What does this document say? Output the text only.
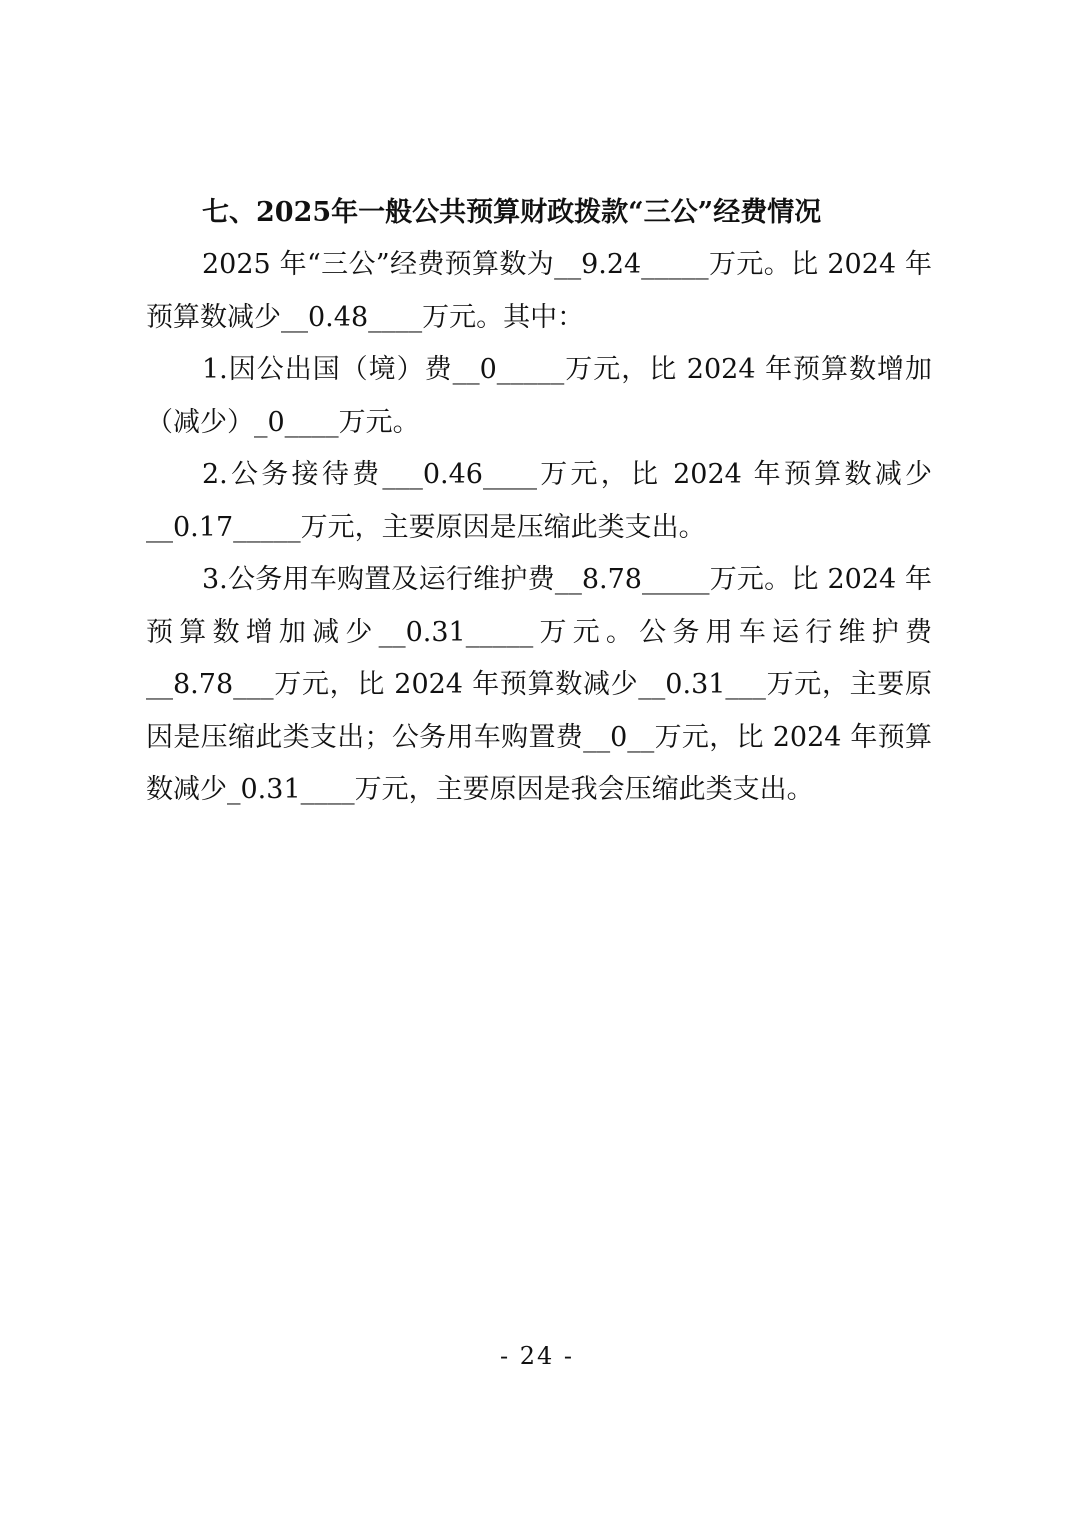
七、2025年一般公共预算财政拨款“三公”经费情况

2025 年“三公”经费预算数为__9.24_____万元。比 2024 年预算数减少__0.48____万元。其中：

1.因公出国（境）费__0_____万元，比 2024 年预算数增加（减少）_0____万元。

2.公务接待费___0.46____万元，比 2024 年预算数减少__0.17_____万元，主要原因是压缩此类支出。

3.公务用车购置及运行维护费__8.78_____万元。比 2024 年预算数增加减少__0.31_____万元。公务用车运行维护费__8.78___万元，比 2024 年预算数减少__0.31___万元，主要原因是压缩此类支出；公务用车购置费__0__万元，比 2024 年预算数减少_0.31____万元，主要原因是我会压缩此类支出。

- 24 -
